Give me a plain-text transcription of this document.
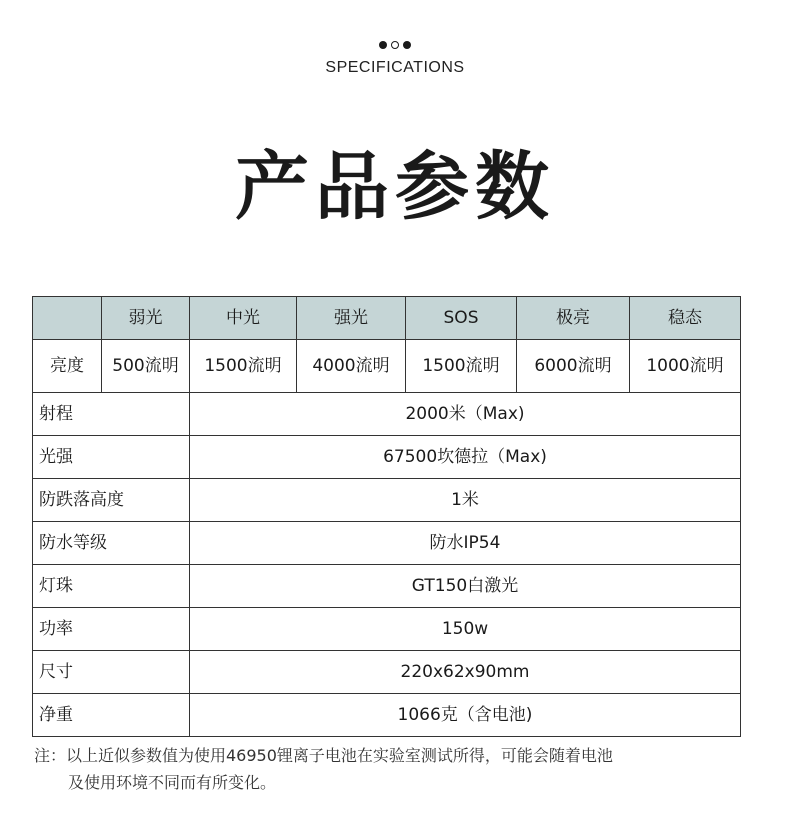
SPECIFICATIONS
产品参数
	弱光	中光	强光	SOS	极亮	稳态
亮度	500流明	1500流明	4000流明	1500流明	6000流明	1000流明
射程		2000米（Max)				
光强		67500坎德拉（Max)				
防跌落高度		1米				
防水等级		防水IP54				
灯珠		GT150白激光				
功率		150w				
尺寸		220x62x90mm				
净重		1066克（含电池)				
注：以上近似参数值为使用46950锂离子电池在实验室测试所得，可能会随着电池
及使用环境不同而有所变化。
